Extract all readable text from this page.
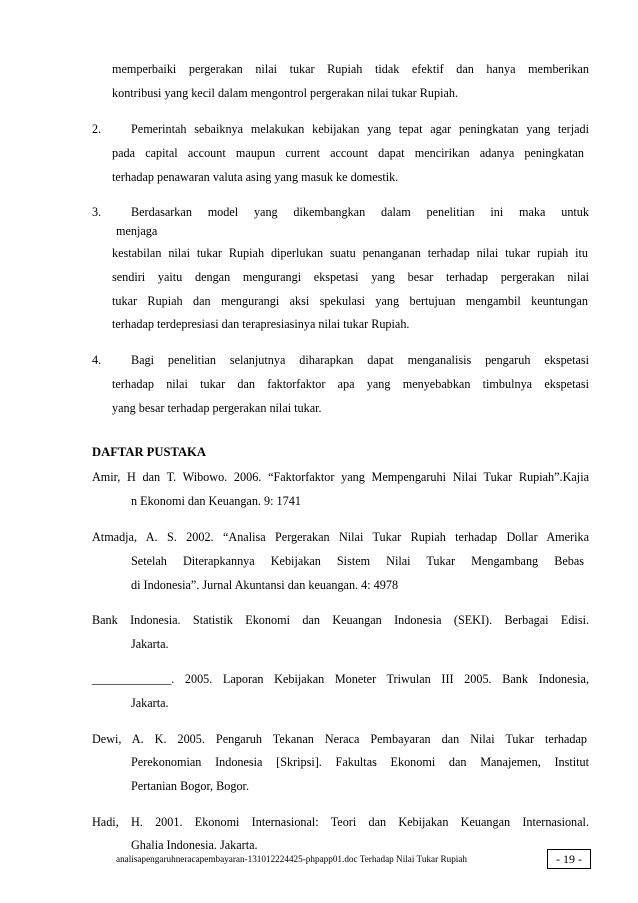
memperbaiki pergerakan nilai tukar Rupiah tidak efektif dan hanya memberikan
kontribusi yang kecil dalam mengontrol pergerakan nilai tukar Rupiah.
2. Pemerintah sebaiknya melakukan kebijakan yang tepat agar peningkatan yang terjadi
pada capital account maupun current account dapat mencirikan adanya peningkatan
terhadap penawaran valuta asing yang masuk ke domestik.
3. Berdasarkan model yang dikembangkan dalam penelitian ini maka untuk
menjaga
kestabilan nilai tukar Rupiah diperlukan suatu penanganan terhadap nilai tukar rupiah itu
sendiri yaitu dengan mengurangi ekspetasi yang besar terhadap pergerakan nilai
tukar Rupiah dan mengurangi aksi spekulasi yang bertujuan mengambil keuntungan
terhadap terdepresiasi dan terapresiasinya nilai tukar Rupiah.
4. Bagi penelitian selanjutnya diharapkan dapat menganalisis pengaruh ekspetasi
terhadap nilai tukar dan faktorfaktor apa yang menyebabkan timbulnya ekspetasi
yang besar terhadap pergerakan nilai tukar.
DAFTAR PUSTAKA
Amir, H dan T. Wibowo. 2006. “Faktorfaktor yang Mempengaruhi Nilai Tukar Rupiah”.Kajia
n Ekonomi dan Keuangan. 9: 1741
Atmadja, A. S. 2002. “Analisa Pergerakan Nilai Tukar Rupiah terhadap Dollar Amerika
Setelah Diterapkannya Kebijakan Sistem Nilai Tukar Mengambang Bebas
di Indonesia”. Jurnal Akuntansi dan keuangan. 4: 4978
Bank Indonesia. Statistik Ekonomi dan Keuangan Indonesia (SEKI). Berbagai Edisi.
Jakarta.
_____________. 2005. Laporan Kebijakan Moneter Triwulan III 2005. Bank Indonesia,
Jakarta.
Dewi, A. K. 2005. Pengaruh Tekanan Neraca Pembayaran dan Nilai Tukar terhadap
Perekonomian Indonesia [Skripsi]. Fakultas Ekonomi dan Manajemen, Institut
Pertanian Bogor, Bogor.
Hadi, H. 2001. Ekonomi Internasional: Teori dan Kebijakan Keuangan Internasional.
Ghalia Indonesia. Jakarta.
analisapengaruhneracapembayaran-131012224425-phpapp01.doc Terhadap Nilai Tukar Rupiah	- 19 -
